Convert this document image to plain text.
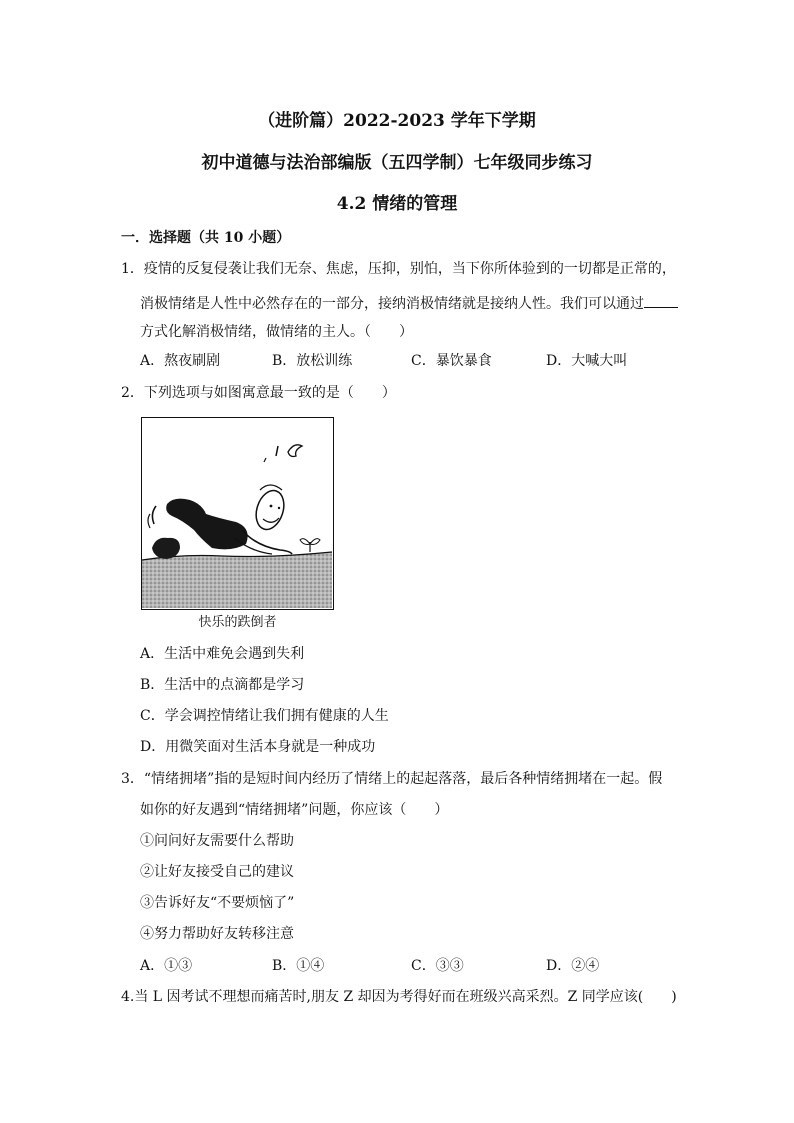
（进阶篇）2022-2023 学年下学期
初中道德与法治部编版（五四学制）七年级同步练习
4.2 情绪的管理
一．选择题（共 10 小题）
1．疫情的反复侵袭让我们无奈、焦虑，压抑，别怕，当下你所体验到的一切都是正常的，
消极情绪是人性中必然存在的一部分，接纳消极情绪就是接纳人性。我们可以通过
方式化解消极情绪，做情绪的主人。（　　）
A．熬夜刷剧	B．放松训练	C．暴饮暴食	D．大喊大叫
2．下列选项与如图寓意最一致的是（　　）
快乐的跌倒者
A．生活中难免会遇到失利
B．生活中的点滴都是学习
C．学会调控情绪让我们拥有健康的人生
D．用微笑面对生活本身就是一种成功
3．“情绪拥堵”指的是短时间内经历了情绪上的起起落落，最后各种情绪拥堵在一起。假
如你的好友遇到“情绪拥堵”问题，你应该（　　）
①问问好友需要什么帮助
②让好友接受自己的建议
③告诉好友“不要烦恼了”
④努力帮助好友转移注意
A．①③	B．①④	C．③③	D．②④
4.当 L 因考试不理想而痛苦时,朋友 Z 却因为考得好而在班级兴高采烈。Z 同学应该(　　)
